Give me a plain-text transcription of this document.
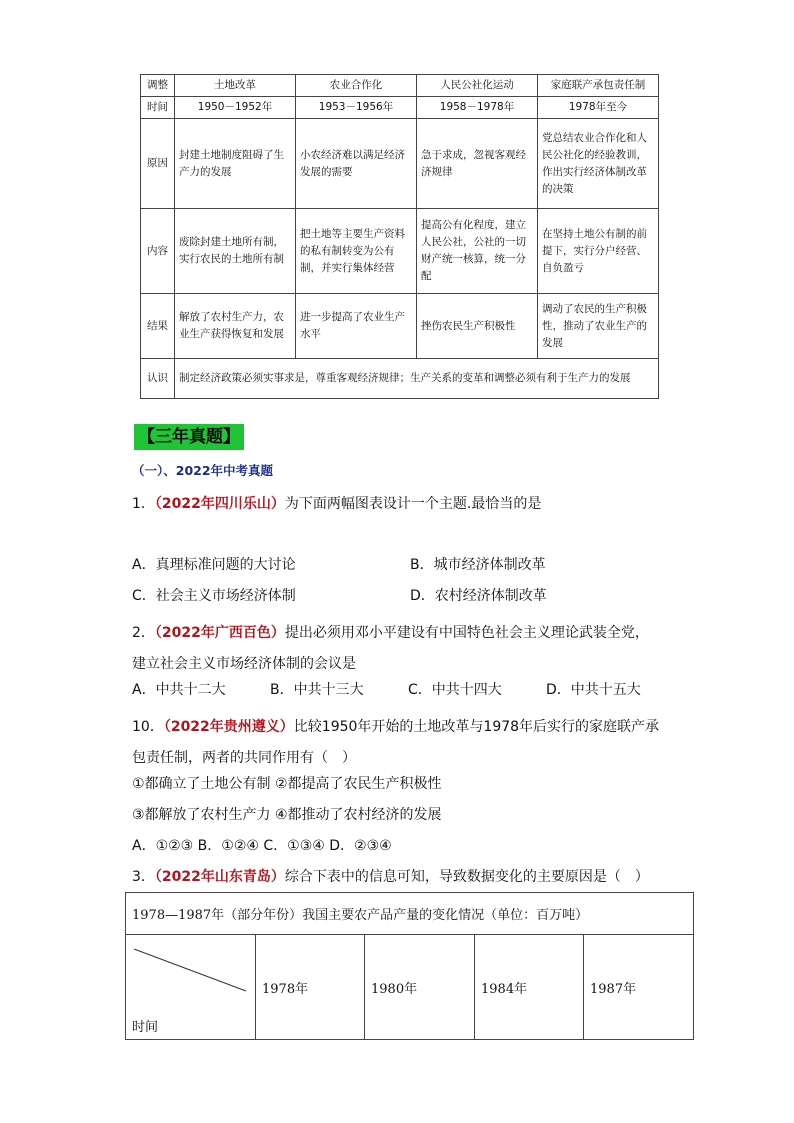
调整	土地改革	农业合作化	人民公社化运动	家庭联产承包责任制
时间	1950－1952年	1953－1956年	1958－1978年	1978年至今
原因	封建土地制度阻碍了生产力的发展	小农经济难以满足经济发展的需要	急于求成，忽视客观经济规律	党总结农业合作化和人民公社化的经验教训，作出实行经济体制改革的决策
内容	废除封建土地所有制，实行农民的土地所有制	把土地等主要生产资料的私有制转变为公有制，并实行集体经营	提高公有化程度，建立人民公社，公社的一切财产统一核算，统一分配	在坚持土地公有制的前提下，实行分户经营、自负盈亏
结果	解放了农村生产力，农业生产获得恢复和发展	进一步提高了农业生产水平	挫伤农民生产积极性	调动了农民的生产积极性，推动了农业生产的发展
认识	制定经济政策必须实事求是，尊重客观经济规律；生产关系的变革和调整必须有利于生产力的发展			
【三年真题】
（一）、2022年中考真题
1．（2022年四川乐山）为下面两幅图表设计一个主题.最恰当的是
A．真理标准问题的大讨论	B．城市经济体制改革
C．社会主义市场经济体制	D．农村经济体制改革
2．（2022年广西百色）提出必须用邓小平建设有中国特色社会主义理论武装全党，建立社会主义市场经济体制的会议是
A．中共十二大	B．中共十三大	C．中共十四大	D．中共十五大
10．（2022年贵州遵义）比较1950年开始的土地改革与1978年后实行的家庭联产承包责任制，两者的共同作用有（　）
①都确立了土地公有制 ②都提高了农民生产积极性
③都解放了农村生产力 ④都推动了农村经济的发展
A．①②③ B．①②④ C．①③④ D．②③④
3．（2022年山东青岛）综合下表中的信息可知，导致数据变化的主要原因是（　）
1978—1987年（部分年份）我国主要农产品产量的变化情况（单位：百万吨）

时间
	1978年	1980年	1984年	1987年
